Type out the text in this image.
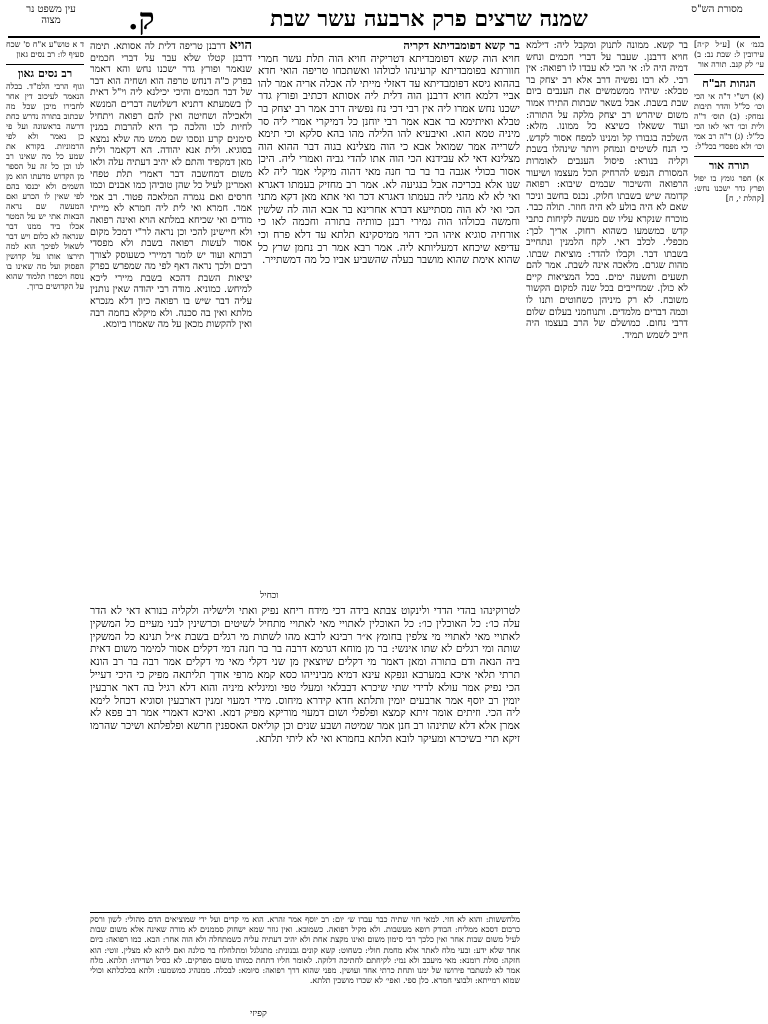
עין משפט נר מצוה	ק.	שמנה שרצים פרק ארבעה עשר שבת	מסורת הש"ס
ד א טוש"ע א"ח ס' שכח סעיף לו: רב נסים גאון
רב נסים גאון
וגוף הרבי הלמ"ד. בכלה הנאמר לעיכוב דין אחר לחבירו מיכן שכל מה שכתוב בתורה נדרש כחת דרשה בראשונה ועל פי כן נאמר ולא לפי הרמוניות. בקורא את שמע כל מה שאינו רב לנו וכן כל זה על הספר מן הקדוש מדעתו הוא מן השמים ולא יכנסו בהם לפי שאין לו הכרע ואם המעשה שם נראה הבאות אתי יש על המטר אכלו ביד ממנו דבר שנראה לא כלום ויש דבר לשאול לפיכך הוא למה תירצו אותו על קדושין הפסוק ועל מה שאינו בו נוסח ויכפרו תלמוד שהוא על הקדושים ברוך.
הויא דרבנן טריפה דלית לה אסותא. תימה דרבנן קטלו שלא עבר על דברי חכמים שנאמר ופורץ גדר ישכנו נחש והא דאמר בפרק כ"ה דנחש טרפה הוא ושחיה הוא דבר של דבר חכמים והיכי יכילנא ליה וי"ל דאית לן בשמעתא דתניא דשלושה דברים המנשא ולאכילה ושחיטה ואין להם רפואה ויתחיל לחיות לכו והלכה כך היא להרבות במנין סימנים קרע ונסכו שם ממש מה שלא נמצא בסוגיא. ולית אנא יהודה. הא דקאמר ולית מאן דמקפיד והתם לא יהיב דעתיה עלה ולאו משום דמחשבה דבר דאמרי תלת טפחי ואמרינן לעיל כל שהן טוביהן כמו אבנים וכמו חרסים ואם נגמרה המלאכה פטור. רב אמי אמר. חמרא ואי לית ליה חמרא לא מייתי מודים ואי שכיחא במלתא הויא ואינה רפואה ולא חיישינן להכי וכן נראה לר"י דמכל מקום אסור לעשות רפואה בשבת ולא מפסדי רבותא ועוד יש לומר דמיירי כשעוסק לצורך רבים ולכך נראה דאף לפי מה שמפרש בפרק יציאות השבת דהכא בשבת מיירי ליכא למיחש. כמוניא. מודה רבי יהודה שאין נותנין עליה דבר שיש בו רפואה כיון דלא מנכרא מלתא ואין בה סכנה. ולא מיקלא בחמה רבה ואין להקשות מכאן על מה שאמרו ביומא.
בר קשא דפומבדיתא דקריה
חויא הוה קשא דפומבדיתא דטריקיה חויא הוה תלת עשר חמרי חוורתא בפומבדיתא קרעינהו לכולהו ואשתכחו טריפה הואי חדא בההוא גיסא דפומבדיתא עד דאזלי מייתי לה אכלה אריה אמר להו אביי דלמא חויא דרבנן הוה דלית ליה אסותא דכתיב ופורץ גדר ישכנו נחש אמרו ליה אין רבי דכי נח נפשיה דרב אמר רב יצחק בר טבלא ואיתימא בר אבא אמר רבי יוחנן כל דמיקרי אמרי ליה סר מיניה טמא הוא. ואיבעיא להו הלילה מהו בהא סלקא וכי תימא לשרייה אמר שמואל אבא כי הוה מצלינא בגוה דבר ההוא הוה מצלינא דאי לא עבידנא הכי הוה אתו להדי גביה ואמרי ליה. היכן אסור בכולי אגבה בר בר בר חנה מאי דהוה מיקלי אמר ליה לא שנו אלא בכריכה אבל בנגיעה לא. אמר רב מחזיק בעמתו דאגרא ואי לא לא מהני ליה בעמתו דאגרא דכר ואי אתא מאן דקא מתני הכי ואי לא הוה מסתייעא דברא אחרינא בר אבא הוה לה שלשין וחמשה בכולהו הוה גמירי רבנן כוותיה בתורה וחכמה לאו כי אורחיה סוגיא איהו הכי דהוי ממיסקינא תלתא עד דלא פרח וכי עדיפא שיכחא דמעליותא ליה. אמר רבא אמר רב נחמן שרץ כל שהוא אימת שהוא מושבר בעלה שהשביע אביו כל מה דמשתייר.
וכחיל
לטרוקינהו בהדי הדדי ולינקוט צבתא בידה דכי מידח ריחא נפיק ואתי ולישליה ולקליה בנורא דאי לא הדר עלה כו׳: כל האוכלין כו׳: כל האוכלין לאתויי מאי לאתויי מתחיל לשיטים וכרשינין לבני מעיים כל המשקין לאתויי מאי לאתויי מי צלפין בחומץ א״ר רבינא לרבא מהו לשתות מי רגלים בשבת א״ל תנינא כל המשקין שותה ומי רגלים לא שתו אינשי: בר מן מוחא דגרמא דרבה בר בר חנה דמי דקלים אסור למימר משום דאית ביה הנאה ודם בתורה ומאן דאמר מי דקלים שיוצאין מן שני דקלי מאי מי דקלים אמר רבה בר רב הונא תרתי תלאי איכא במערבא ונפקא עינא דמיא מבינייהו כסא קמא מרפי אודך תליתאה מפיק כי היכי דעייל הכי נפיק אמר עולא לדידי שתי שיכרא דבבלאי ומעלי טפי ומיגליא מיניה והוא דלא רגיל בה דאר ארבעין יומין רב יוסף אמר ארבעים יומין ותלתא חדא קידרא מיחוס. מידי דמעוי זמנין דארבעין וסוגיא דכחל לימא ליה הכי. וזיתים אומר זיתא קמצא ופלפלי ושום דמעוי מוריקא מפיק דמא. ואיכא דאמרי אמר רב פפא לא אמרן אלא דלא שתינהו רב חנן אמר שמיטה ושבע שנים וכן קוליאס האספנין חרשא ופלפלתא ושיכר שהרמו זיקא תרי בשיכרא ומעיקר לובא תלתא בחמרא ואי לא ליתי תלתא.
מלחששות: והוא לא חזי. למאי חזי שתיה כבר עברו ש׳ יום: רב יוסף אמר זהרא. הוא מי קדים ועל ידי שמוציאים הדם מהולי: לשון ורסק כרכום דסכא ממליח: הבודק רופא מעשבות. ולא מקיל רפואה. כשמובא. ואין גוזר שמא ישחוק סממנים לא מורה שאינה אלא משום שבות לעיל משום שבות אחר ואין כלכך רבי סימון משום ואינו מקצת אחת ולא יהיב דעתיה עליה כשמתחלה ולא הוה אחר: הבא. כמו רפואה: ביום אחד שלא ידע: ובעי מלח לאתר אלא מחמת חולי: כשחוט: קשא קונים גבנונית: מתגלגל ומתלחלח בר כולנה ואם ליתא לא מצלין. זוטי: הוא חזקה: סולת רומנא: מאי מיעכב ולא נמי: לקיחתם לחתיכה דלוקה. לאומר חליו דתחת כמותו משום מפרקים. לא כסיל ושדיהו: תלתא. מלח אמר לא לנשתבר פירושו של ימנו ותחת כרתי אחד ועושין. מפני שהוא דרך רפואה: סיומא: לבכלה. ממנהיג כמשמעו: ולתא בכלכלתא וכולי שמוא רמייתא: ולבוצי חמרא. כלן ספי. ואפי׳ לא שכרו מושכין תלתא.
קפיזי
בר קשא. ממונה לתנוק ומקבל ליה: דילמא חויא דרבנן. שעבר על דברי חכמים ונחש דמיה היה לו: אי הכי לא עבדו לו רפואה: אין רבי. לא רבו נפשיה דרב אלא רב יצחק בר טבלא: שיהיו ממשמשים את הענבים ביום שבת בשבת. אבל בשאר שבתות התירו אמור משום שיהרש רב יצחק מלקה על התורה: ועוד ששאלו כשיצא כל ממונו. מזלא: השלכה בגבורו קל ומנינו למפח אסור לקדש. כי הנח לשיטים ונמחק ויותר שינהלו בשבת וקליה בנורא: פיסול הענבים לאומרות המסורת הנפש להרחיק הכל מעצמו ושיעור הרפואה והשיכור שבמים שיבוא: רפואה קדומה שיש בשבתו חלוק. נכנס בחשב וניכר שאם לא היה בולע לא היה חוזר. תולה כבר. מוכרח שנקרא עליו שם מעשה לקיחות כתבי קדש כמשמעו כשהוא רחוק. אריך לכך: מכפלי. לכלב דאי. לקח הלמנין ונתחייב בשבתו דבר. וקבלו להדר: מוציאת שבתו. מהות שגרם. מלאכה אינה לשבת. אמר להם תשעים ותשעה ימים. בכל המציאות קיים לא כולן. שמחייבים בכל שנה למקום הקשור משובח. לא רק מיניהן כשחוטים ותנו לו וכמה דברים מלמדים. ותנוחמני בעלום שלום דרבי נחום. כמושלם של הרב בעצמו היה חייב לשמש תמיד.
בגמ׳ א) [ע״ל ק״ה] עירובין ל: שבת נב: ב) עי׳ לק קנב. תורה אור
הגהות הב"ח
(א) רש"י ד"ה אי הכי וכו׳ כל"ל והדר תיבות נמחק: (ב) תוס׳ ד"ה ולית וכו׳ דאי לאו הכי כל"ל: (ג) ד"ה רב אמי וכו׳ ולא מפסדי בכל"ל:
תורה אור
א) חפר גומץ בו יפול ופרץ גדר ישכנו נחש: [קהלת י, ח]
